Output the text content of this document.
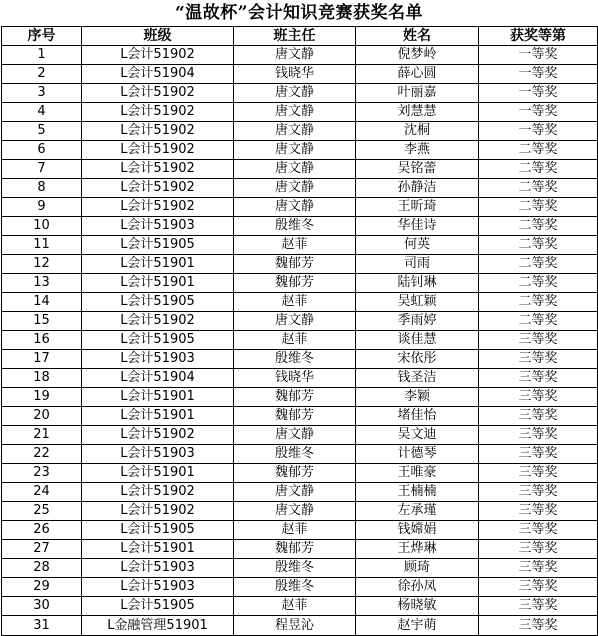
“温故杯”会计知识竞赛获奖名单
序号	班级	班主任	姓名	获奖等第
1	L会计51902	唐文静	倪梦岭	一等奖
2	L会计51904	钱晓华	薛心圆	一等奖
3	L会计51902	唐文静	叶丽嘉	一等奖
4	L会计51902	唐文静	刘慧慧	一等奖
5	L会计51902	唐文静	沈桐	一等奖
6	L会计51902	唐文静	李燕	二等奖
7	L会计51902	唐文静	吴铭蕾	二等奖
8	L会计51902	唐文静	孙静洁	二等奖
9	L会计51902	唐文静	王昕琦	二等奖
10	L会计51903	殷维冬	华佳诗	二等奖
11	L会计51905	赵菲	何英	二等奖
12	L会计51901	魏郁芳	司雨	二等奖
13	L会计51901	魏郁芳	陆钊琳	二等奖
14	L会计51905	赵菲	吴虹颖	二等奖
15	L会计51902	唐文静	季雨婷	二等奖
16	L会计51905	赵菲	谈佳慧	三等奖
17	L会计51903	殷维冬	宋依彤	三等奖
18	L会计51904	钱晓华	钱圣洁	三等奖
19	L会计51901	魏郁芳	李颖	三等奖
20	L会计51901	魏郁芳	堵佳怡	三等奖
21	L会计51902	唐文静	吴文迪	三等奖
22	L会计51903	殷维冬	计德琴	三等奖
23	L会计51901	魏郁芳	王唯豪	三等奖
24	L会计51902	唐文静	王楠楠	三等奖
25	L会计51902	唐文静	左承瑾	三等奖
26	L会计51905	赵菲	钱嫦娟	三等奖
27	L会计51901	魏郁芳	王烨琳	三等奖
28	L会计51903	殷维冬	顾琦	三等奖
29	L会计51903	殷维冬	徐孙凤	三等奖
30	L会计51905	赵菲	杨晓敏	三等奖
31	L金融管理51901	程昱沁	赵宇萌	三等奖
